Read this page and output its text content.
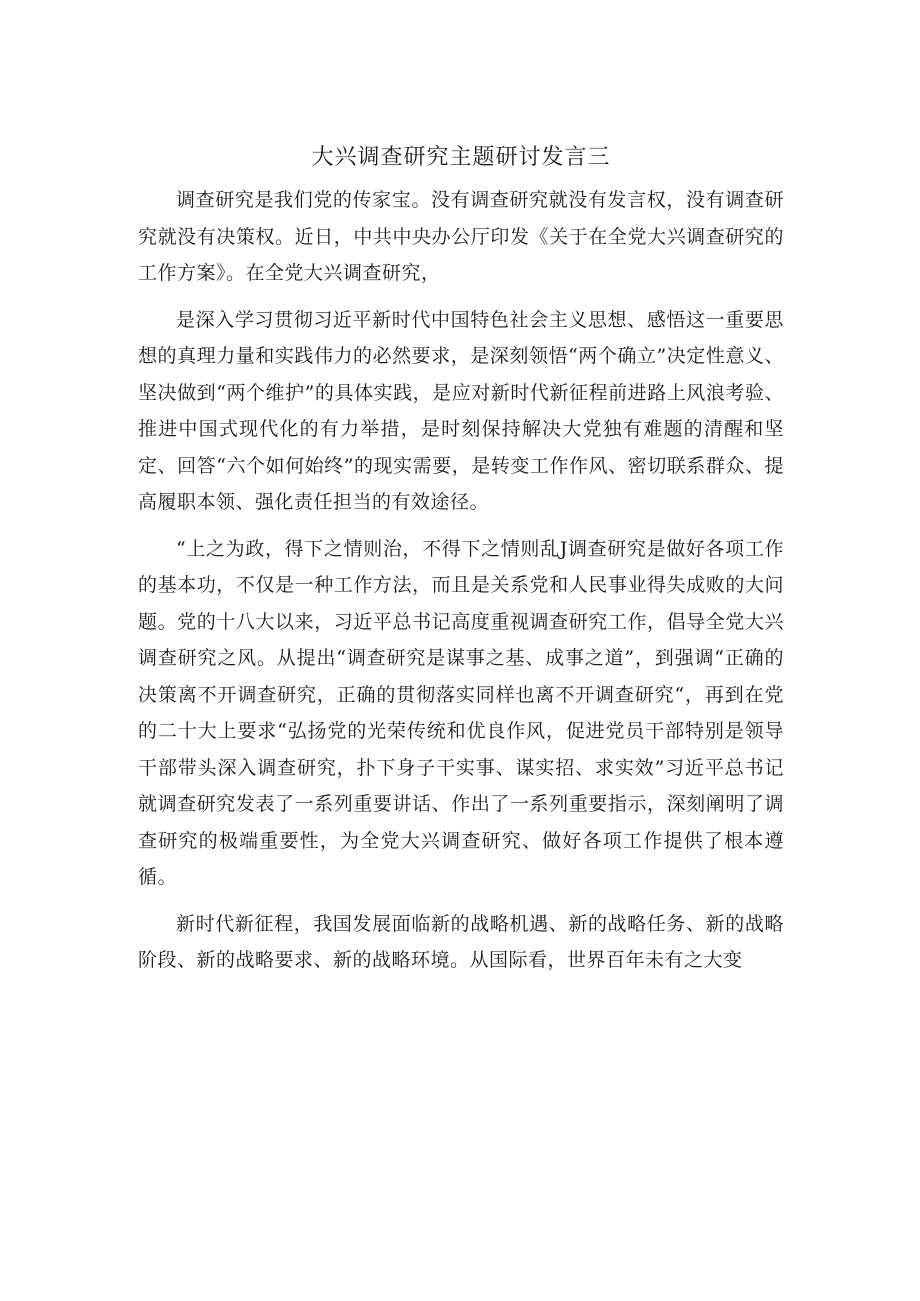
大兴调查研究主题研讨发言三

调查研究是我们党的传家宝。没有调查研究就没有发言权，没有调查研究就没有决策权。近日，中共中央办公厅印发《关于在全党大兴调查研究的工作方案》。在全党大兴调查研究，

是深入学习贯彻习近平新时代中国特色社会主义思想、感悟这一重要思想的真理力量和实践伟力的必然要求，是深刻领悟“两个确立”决定性意义、坚决做到“两个维护”的具体实践，是应对新时代新征程前进路上风浪考验、推进中国式现代化的有力举措，是时刻保持解决大党独有难题的清醒和坚定、回答“六个如何始终”的现实需要，是转变工作作风、密切联系群众、提高履职本领、强化责任担当的有效途径。

“上之为政，得下之情则治，不得下之情则乱J调查研究是做好各项工作的基本功，不仅是一种工作方法，而且是关系党和人民事业得失成败的大问题。党的十八大以来，习近平总书记高度重视调查研究工作，倡导全党大兴调查研究之风。从提出“调查研究是谋事之基、成事之道”，到强调“正确的决策离不开调查研究，正确的贯彻落实同样也离不开调查研究“，再到在党的二十大上要求“弘扬党的光荣传统和优良作风，促进党员干部特别是领导干部带头深入调查研究，扑下身子干实事、谋实招、求实效”习近平总书记就调查研究发表了一系列重要讲话、作出了一系列重要指示，深刻阐明了调查研究的极端重要性，为全党大兴调查研究、做好各项工作提供了根本遵循。

新时代新征程，我国发展面临新的战略机遇、新的战略任务、新的战略阶段、新的战略要求、新的战略环境。从国际看，世界百年未有之大变
